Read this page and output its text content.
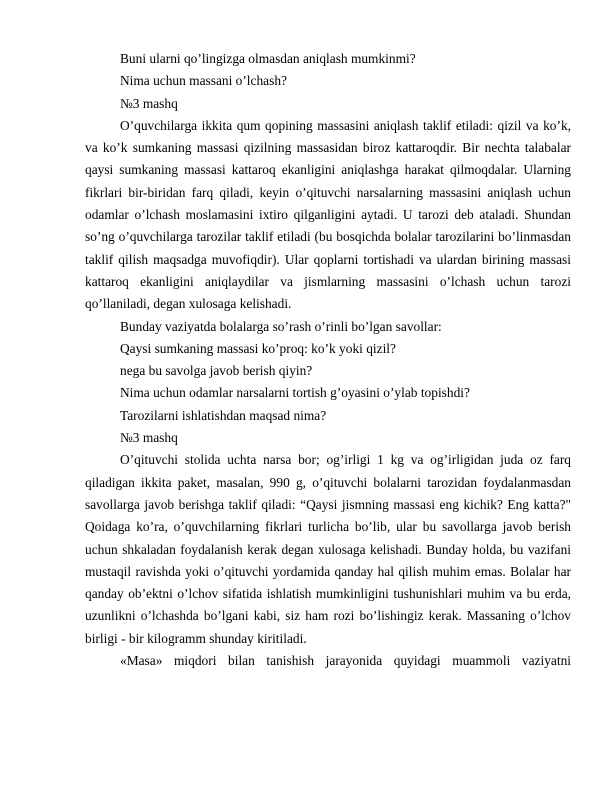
Buni ularni qo’lingizga olmasdan aniqlash mumkinmi?

Nima uchun massani o’lchash?

№3 mashq

O’quvchilarga ikkita qum qopining massasini aniqlash taklif etiladi: qizil va ko’k, va ko’k sumkaning massasi qizilning massasidan biroz kattaroqdir. Bir nechta talabalar qaysi sumkaning massasi kattaroq ekanligini aniqlashga harakat qilmoqdalar. Ularning fikrlari bir-biridan farq qiladi, keyin o’qituvchi narsalarning massasini aniqlash uchun odamlar o’lchash moslamasini ixtiro qilganligini aytadi. U tarozi deb ataladi. Shundan so’ng o’quvchilarga tarozilar taklif etiladi (bu bosqichda bolalar tarozilarini bo’linmasdan taklif qilish maqsadga muvofiqdir). Ular qoplarni tortishadi va ulardan birining massasi kattaroq ekanligini aniqlaydilar va jismlarning massasini o’lchash uchun tarozi qo’llaniladi, degan xulosaga kelishadi.

Bunday vaziyatda bolalarga so’rash o’rinli bo’lgan savollar:

Qaysi sumkaning massasi ko’proq: ko’k yoki qizil?

nega bu savolga javob berish qiyin?

Nima uchun odamlar narsalarni tortish g’oyasini o’ylab topishdi?

Tarozilarni ishlatishdan maqsad nima?

№3 mashq

O’qituvchi stolida uchta narsa bor; og’irligi 1 kg va og’irligidan juda oz farq qiladigan ikkita paket, masalan, 990 g, o’qituvchi bolalarni tarozidan foydalanmasdan savollarga javob berishga taklif qiladi: “Qaysi jismning massasi eng kichik? Eng katta?" Qoidaga ko’ra, o’quvchilarning fikrlari turlicha bo’lib, ular bu savollarga javob berish uchun shkaladan foydalanish kerak degan xulosaga kelishadi. Bunday holda, bu vazifani mustaqil ravishda yoki o’qituvchi yordamida qanday hal qilish muhim emas. Bolalar har qanday ob’ektni o’lchov sifatida ishlatish mumkinligini tushunishlari muhim va bu erda, uzunlikni o’lchashda bo’lgani kabi, siz ham rozi bo’lishingiz kerak. Massaning o’lchov birligi - bir kilogramm shunday kiritiladi.

«Masa» miqdori bilan tanishish jarayonida quyidagi muammoli vaziyatni
